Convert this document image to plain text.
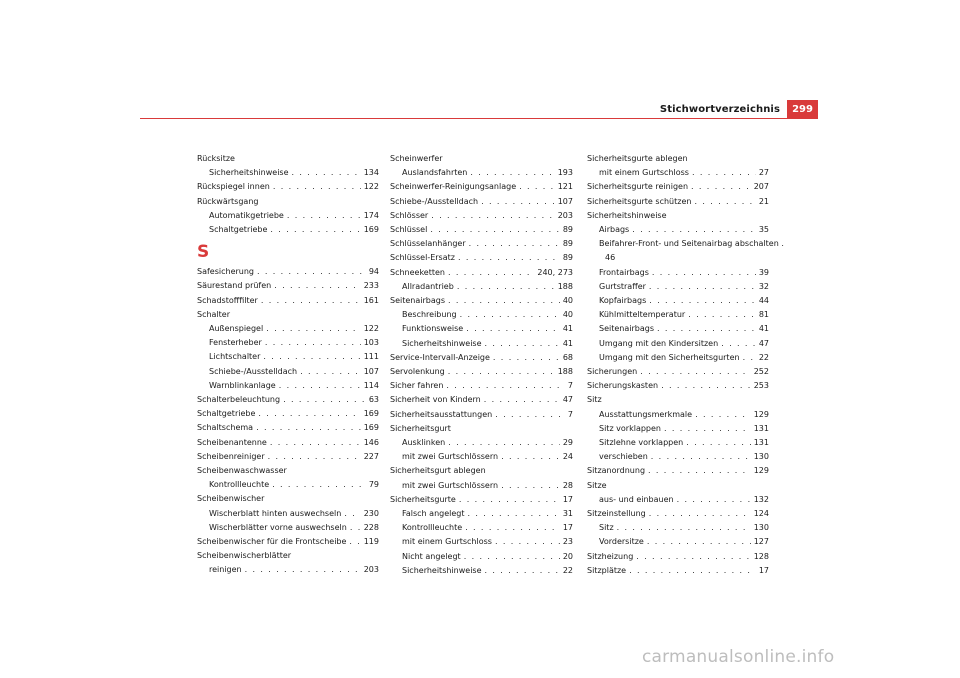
Stichwortverzeichnis	299
Rücksitze
Sicherheitshinweise . . .	134
Rückspiegel innen . . .	122
Rückwärtsgang
Automatikgetriebe . . .	174
Schaltgetriebe . . .	169
S
Safesicherung . . .	94
Säurestand prüfen . . .	233
Schadstofffilter . . .	161
Schalter
Außenspiegel . . .	122
Fensterheber . . .	103
Lichtschalter . . .	111
Schiebe-/Ausstelldach . . .	107
Warnblinkanlage . . .	114
Schalterbeleuchtung . . .	63
Schaltgetriebe . . .	169
Schaltschema . . .	169
Scheibenantenne . . .	146
Scheibenreiniger . . .	227
Scheibenwaschwasser
Kontrollleuchte . . .	79
Scheibenwischer
Wischerblatt hinten auswechseln . . .	230
Wischerblätter vorne auswechseln . . . 228
Scheibenwischer für die Frontscheibe . . . 119
Scheibenwischerblätter
reinigen . . .	203
Scheinwerfer
Auslandsfahrten . . .	193
Scheinwerfer-Reinigungsanlage . . .	121
Schiebe-/Ausstelldach . . .	107
Schlösser . . .	203
Schlüssel . . .	89
Schlüsselanhänger . . .	89
Schlüssel-Ersatz . . .	89
Schneeketten . . .	240, 273
Allradantrieb . . .	188
Seitenairbags . . .	40
Beschreibung . . .	40
Funktionsweise . . .	41
Sicherheitshinweise . . .	41
Service-Intervall-Anzeige . . .	68
Servolenkung . . .	188
Sicher fahren . . .	7
Sicherheit von Kindern . . .	47
Sicherheitsausstattungen . . .	7
Sicherheitsgurt
Ausklinken . . .	29
mit zwei Gurtschlössern . . .	24
Sicherheitsgurt ablegen
mit zwei Gurtschlössern . . .	28
Sicherheitsgurte . . .	17
Falsch angelegt . . .	31
Kontrollleuchte . . .	17
mit einem Gurtschloss . . .	23
Nicht angelegt . . .	20
Sicherheitshinweise . . .	22
Sicherheitsgurte ablegen
mit einem Gurtschloss . . .	27
Sicherheitsgurte reinigen . . .	207
Sicherheitsgurte schützen . . .	21
Sicherheitshinweise
Airbags . . .	35
Beifahrer-Front- und Seitenairbag abschalten .
46
Frontairbags . . .	39
Gurtstraffer . . .	32
Kopfairbags . . .	44
Kühlmitteltemperatur . . .	81
Seitenairbags . . .	41
Umgang mit den Kindersitzen . . .	47
Umgang mit den Sicherheitsgurten . . . 22
Sicherungen . . .	252
Sicherungskasten . . .	253
Sitz
Ausstattungsmerkmale . . .	129
Sitz vorklappen . . .	131
Sitzlehne vorklappen . . .	131
verschieben . . .	130
Sitzanordnung . . .	129
Sitze
aus- und einbauen . . .	132
Sitzeinstellung . . .	124
Sitz . . .	130
Vordersitze . . .	127
Sitzheizung . . .	128
Sitzplätze . . .	17
carmanualsonline.info
